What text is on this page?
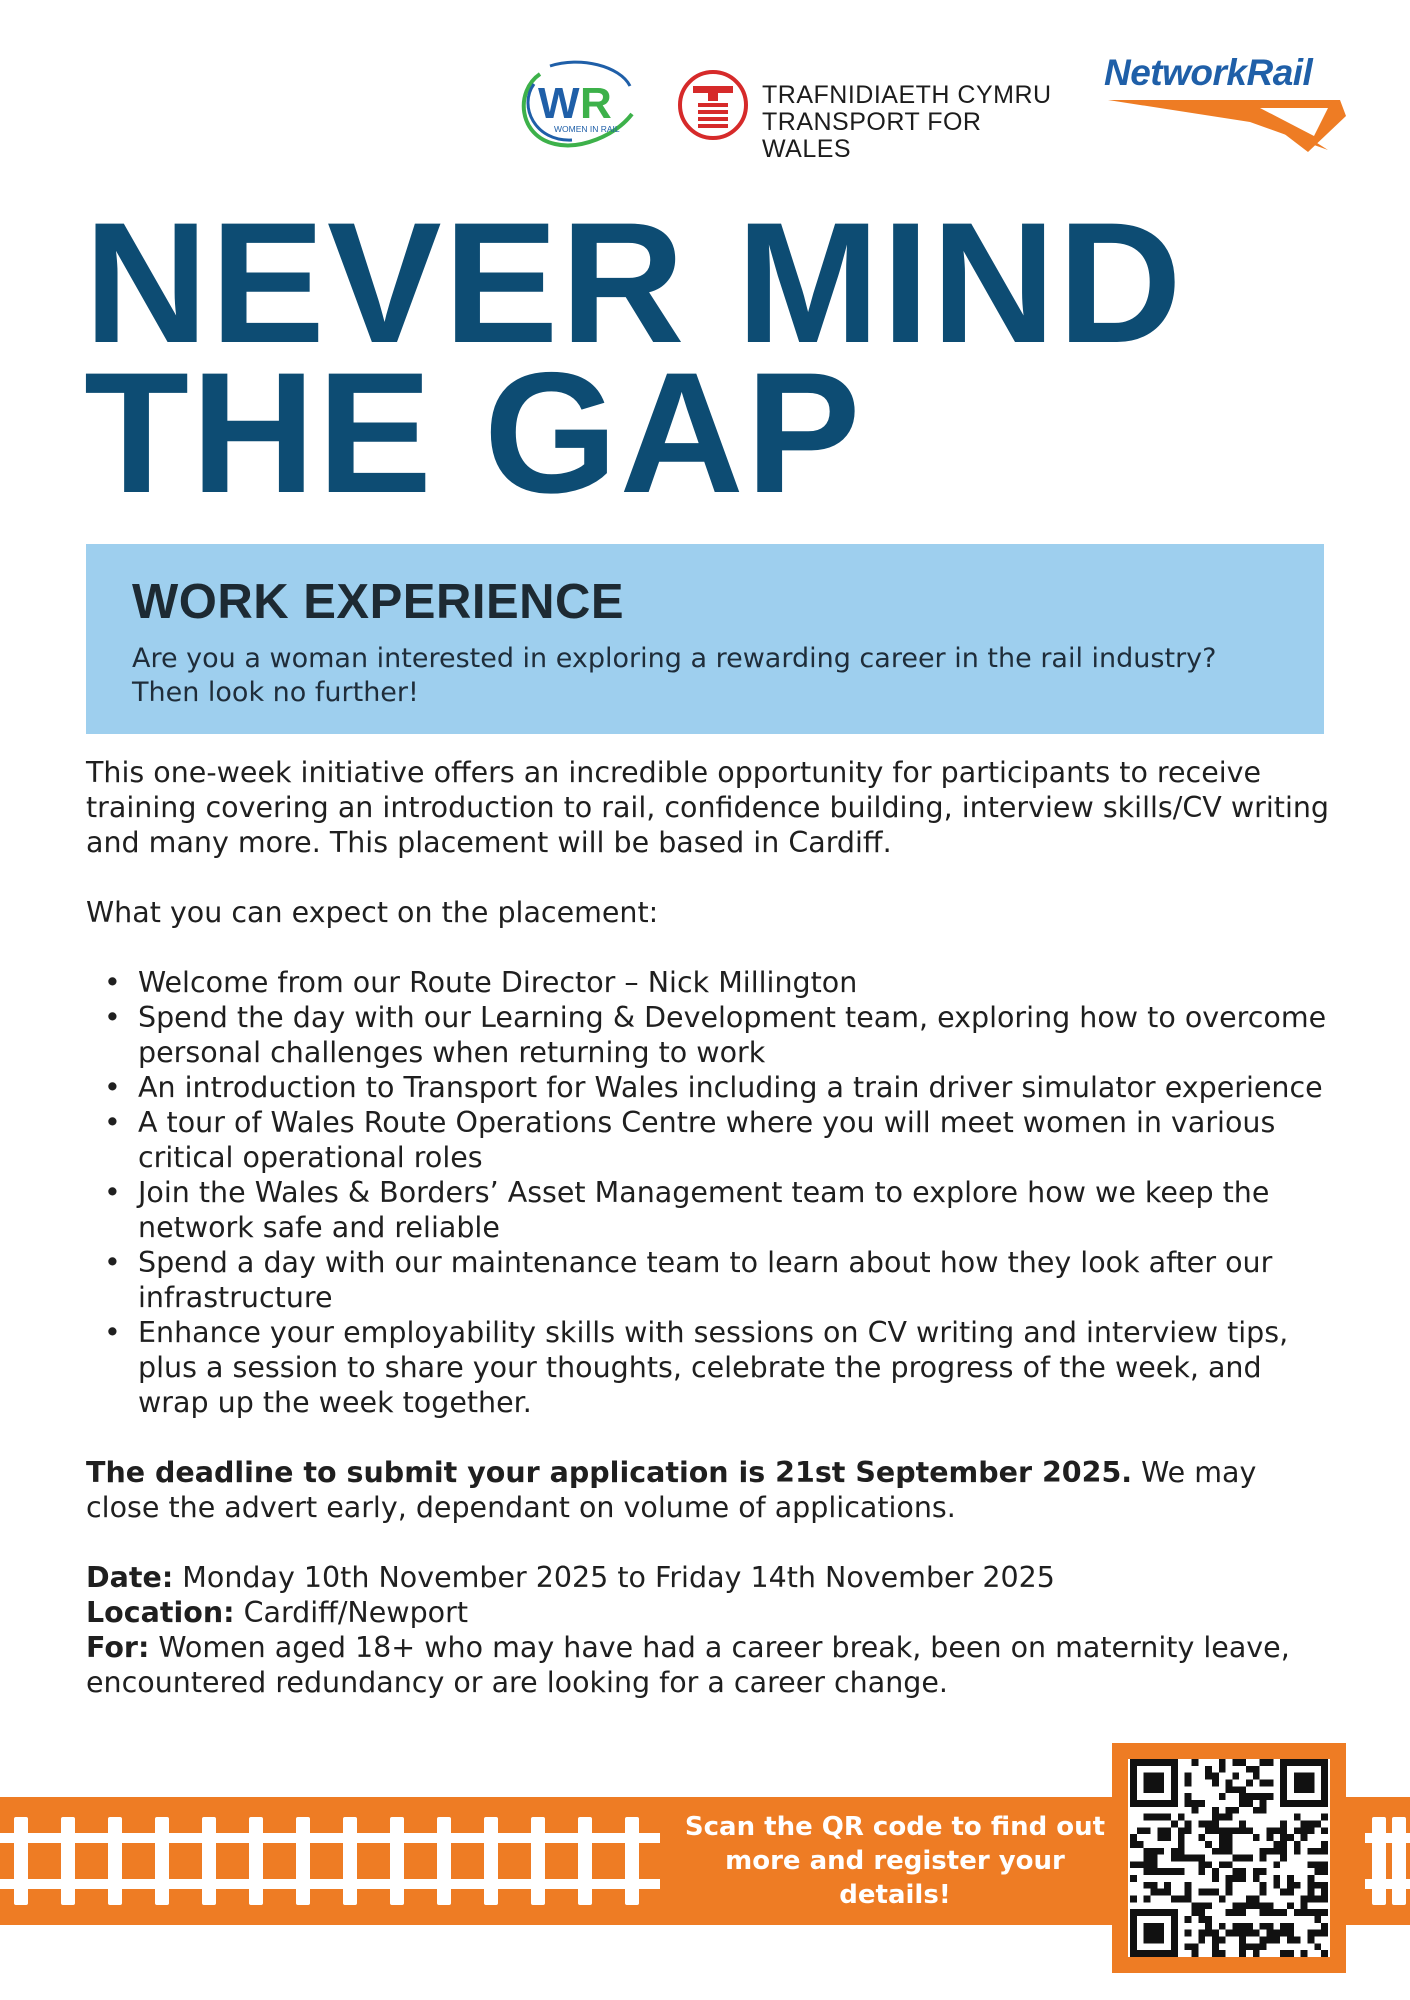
W R
WOMEN IN RAIL
TRAFNIDIAETH CYMRU
TRANSPORT FOR WALES
NetworkRail
NEVER MIND
THE GAP
WORK EXPERIENCE

Are you a woman interested in exploring a rewarding career in the rail industry? Then look no further!

This one-week initiative offers an incredible opportunity for participants to receive training covering an introduction to rail, confidence building, interview skills/CV writing and many more. This placement will be based in Cardiff.

What you can expect on the placement:

• Welcome from our Route Director – Nick Millington
• Spend the day with our Learning & Development team, exploring how to overcome personal challenges when returning to work
• An introduction to Transport for Wales including a train driver simulator experience
• A tour of Wales Route Operations Centre where you will meet women in various critical operational roles
• Join the Wales & Borders’ Asset Management team to explore how we keep the network safe and reliable
• Spend a day with our maintenance team to learn about how they look after our infrastructure
• Enhance your employability skills with sessions on CV writing and interview tips, plus a session to share your thoughts, celebrate the progress of the week, and wrap up the week together.

The deadline to submit your application is 21st September 2025. We may close the advert early, dependant on volume of applications.

Date: Monday 10th November 2025 to Friday 14th November 2025

Location: Cardiff/Newport

For: Women aged 18+ who may have had a career break, been on maternity leave, encountered redundancy or are looking for a career change.

Scan the QR code to find out more and register your details!
